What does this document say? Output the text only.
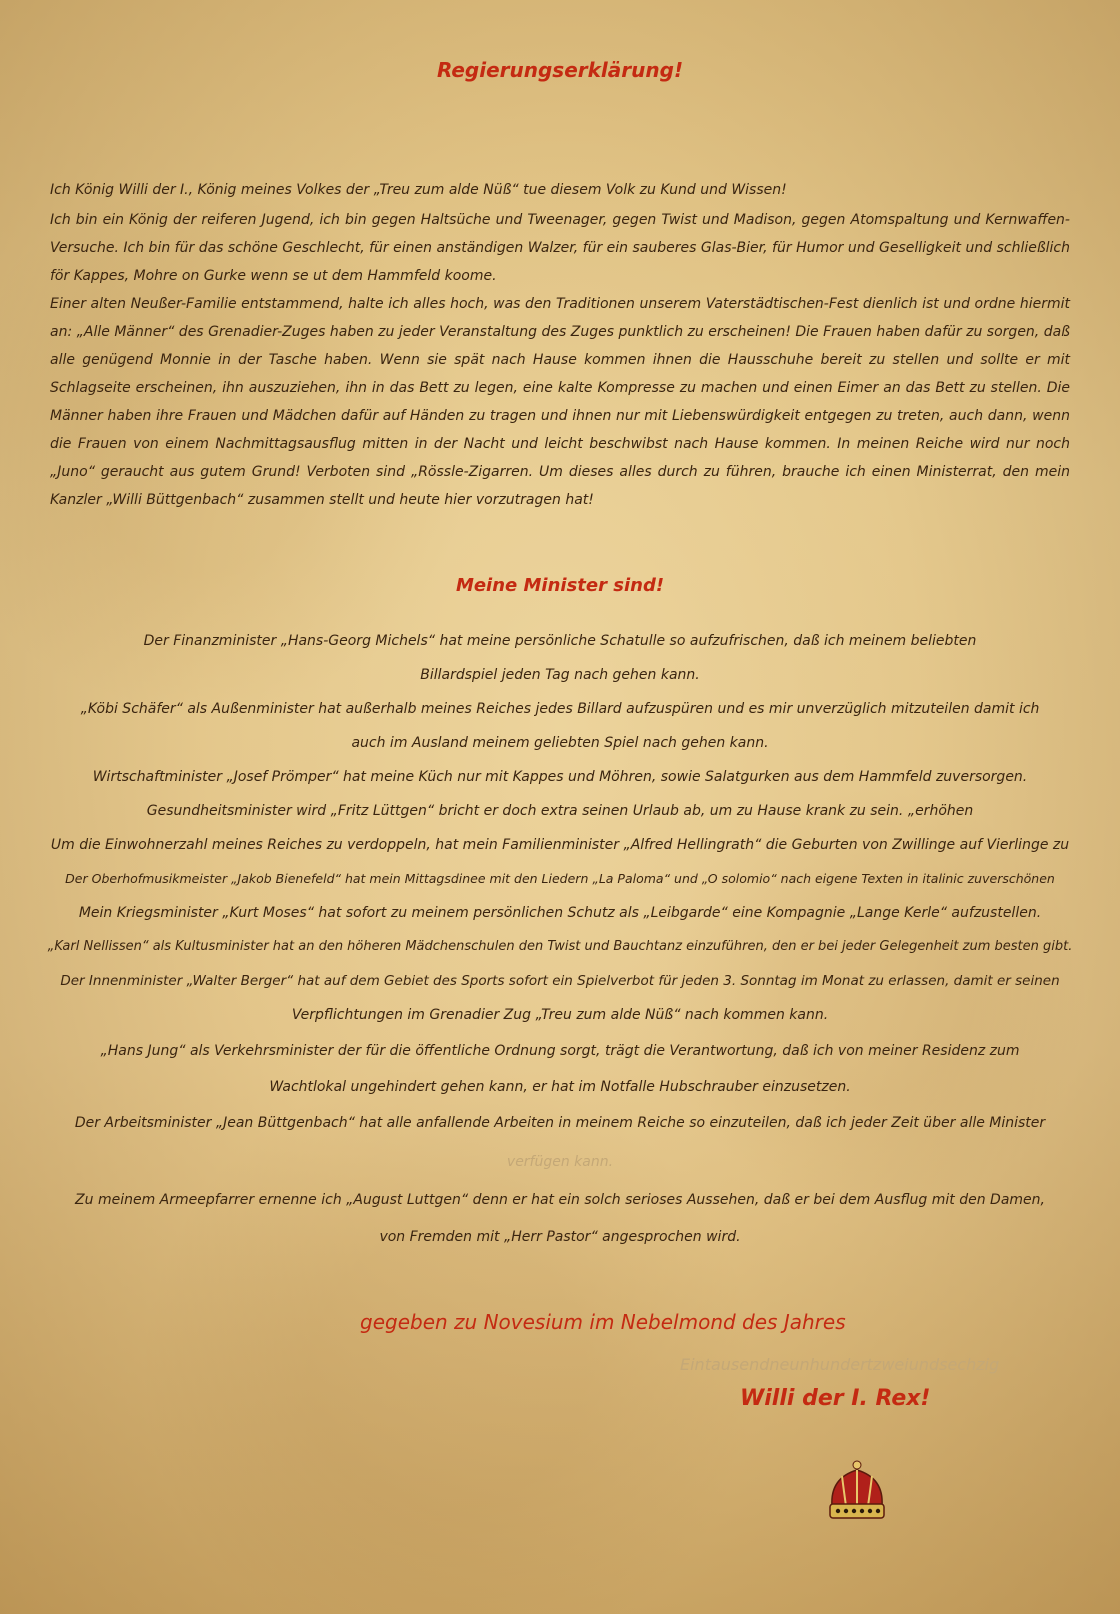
Regierungserklärung!
Ich König Willi der I., König meines Volkes der „Treu zum alde Nüß“ tue diesem Volk zu Kund und Wissen!
Ich bin ein König der reiferen Jugend, ich bin gegen Haltsüche und Tweenager, gegen Twist und Madison, gegen Atomspaltung und Kernwaffen-Versuche. Ich bin für das schöne Geschlecht, für einen anständigen Walzer, für ein sauberes Glas-Bier, für Humor und Geselligkeit und schließlich för Kappes, Mohre on Gurke wenn se ut dem Hammfeld koome.
Einer alten Neußer-Familie entstammend, halte ich alles hoch, was den Traditionen unserem Vaterstädtischen-Fest dienlich ist und ordne hiermit an: „Alle Männer“ des Grenadier-Zuges haben zu jeder Veranstaltung des Zuges punktlich zu erscheinen! Die Frauen haben dafür zu sorgen, daß alle genügend Monnie in der Tasche haben. Wenn sie spät nach Hause kommen ihnen die Hausschuhe bereit zu stellen und sollte er mit Schlagseite erscheinen, ihn auszuziehen, ihn in das Bett zu legen, eine kalte Kompresse zu machen und einen Eimer an das Bett zu stellen. Die Männer haben ihre Frauen und Mädchen dafür auf Händen zu tragen und ihnen nur mit Liebenswürdigkeit entgegen zu treten, auch dann, wenn die Frauen von einem Nachmittagsausflug mitten in der Nacht und leicht beschwibst nach Hause kommen. In meinen Reiche wird nur noch „Juno“ geraucht aus gutem Grund! Verboten sind „Rössle-Zigarren. Um dieses alles durch zu führen, brauche ich einen Ministerrat, den mein Kanzler „Willi Büttgenbach“ zusammen stellt und heute hier vorzutragen hat!
Meine Minister sind!
Der Finanzminister „Hans-Georg Michels“ hat meine persönliche Schatulle so aufzufrischen, daß ich meinem beliebten
Billardspiel jeden Tag nach gehen kann.
„Köbi Schäfer“ als Außenminister hat außerhalb meines Reiches jedes Billard aufzuspüren und es mir unverzüglich mitzuteilen damit ich
auch im Ausland meinem geliebten Spiel nach gehen kann.
Wirtschaftminister „Josef Prömper“ hat meine Küch nur mit Kappes und Möhren, sowie Salatgurken aus dem Hammfeld zuversorgen.
Gesundheitsminister wird „Fritz Lüttgen“ bricht er doch extra seinen Urlaub ab, um zu Hause krank zu sein. „erhöhen
Um die Einwohnerzahl meines Reiches zu verdoppeln, hat mein Familienminister „Alfred Hellingrath“ die Geburten von Zwillinge auf Vierlinge zu
Der Oberhofmusikmeister „Jakob Bienefeld“ hat mein Mittagsdinee mit den Liedern „La Paloma“ und „O solomio“ nach eigene Texten in italinic zuverschönen
Mein Kriegsminister „Kurt Moses“ hat sofort zu meinem persönlichen Schutz als „Leibgarde“ eine Kompagnie „Lange Kerle“ aufzustellen.
„Karl Nellissen“ als Kultusminister hat an den höheren Mädchenschulen den Twist und Bauchtanz einzuführen, den er bei jeder Gelegenheit zum besten gibt.
Der Innenminister „Walter Berger“ hat auf dem Gebiet des Sports sofort ein Spielverbot für jeden 3. Sonntag im Monat zu erlassen, damit er seinen
Verpflichtungen im Grenadier Zug „Treu zum alde Nüß“ nach kommen kann.
„Hans Jung“ als Verkehrsminister der für die öffentliche Ordnung sorgt, trägt die Verantwortung, daß ich von meiner Residenz zum
Wachtlokal ungehindert gehen kann, er hat im Notfalle Hubschrauber einzusetzen.
Der Arbeitsminister „Jean Büttgenbach“ hat alle anfallende Arbeiten in meinem Reiche so einzuteilen, daß ich jeder Zeit über alle Minister
verfügen kann.
Zu meinem Armeepfarrer ernenne ich „August Luttgen“ denn er hat ein solch serioses Aussehen, daß er bei dem Ausflug mit den Damen,
von Fremden mit „Herr Pastor“ angesprochen wird.
gegeben zu Novesium im Nebelmond des Jahres
Eintausendneunhundertzweiundsechzig
Willi der I. Rex!
